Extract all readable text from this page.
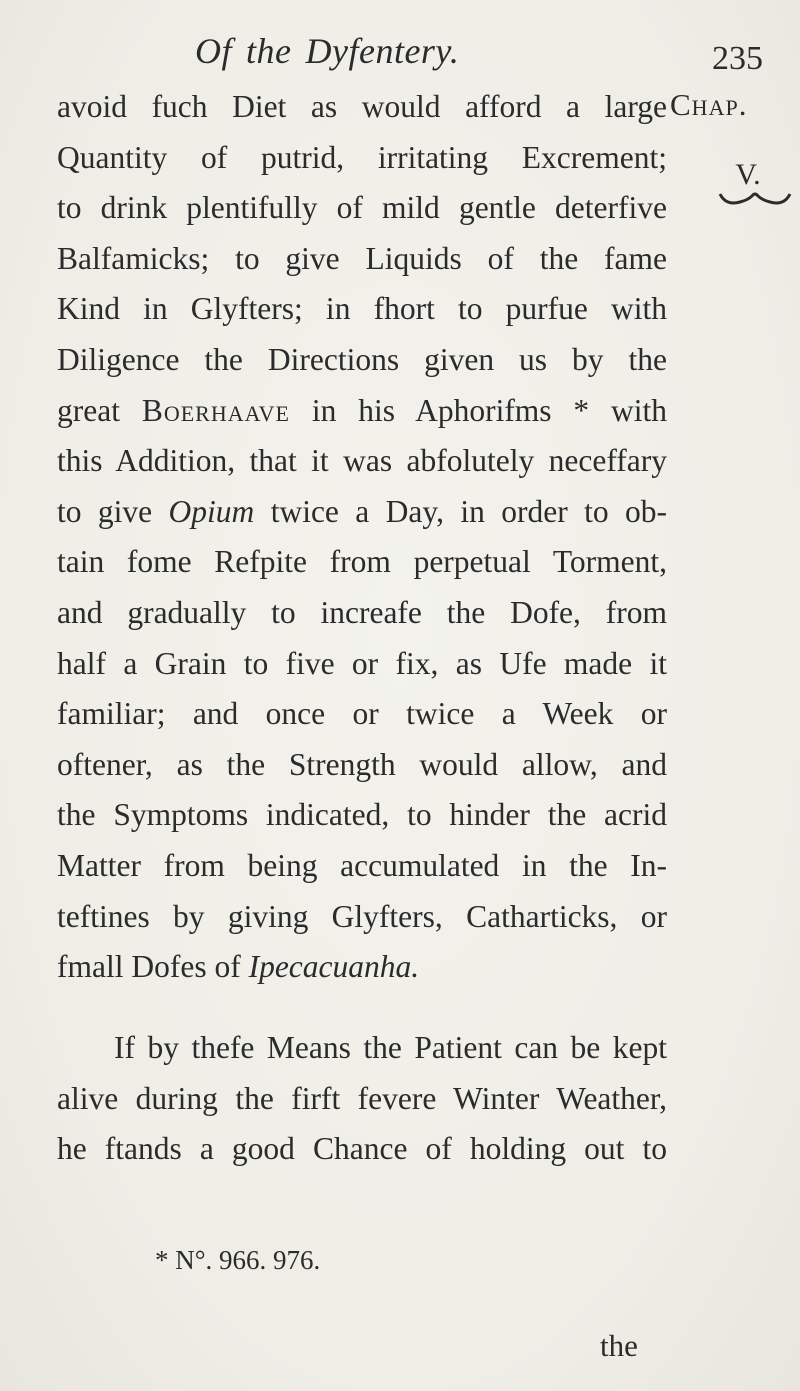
Of the Dyfentery.	235
Chap.
V.
avoid fuch Diet as would afford a large
Quantity of putrid, irritating Excrement;
to drink plentifully of mild gentle deterfive
Balfamicks; to give Liquids of the fame
Kind in Glyfters; in fhort to purfue with
Diligence the Directions given us by the
great Boerhaave in his Aphorifms * with
this Addition, that it was abfolutely neceffary
to give Opium twice a Day, in order to ob-
tain fome Refpite from perpetual Torment,
and gradually to increafe the Dofe, from
half a Grain to five or fix, as Ufe made it
familiar; and once or twice a Week or
oftener, as the Strength would allow, and
the Symptoms indicated, to hinder the acrid
Matter from being accumulated in the In-
teftines by giving Glyfters, Catharticks, or
fmall Dofes of Ipecacuanha.
If by thefe Means the Patient can be kept
alive during the firft fevere Winter Weather,
he ftands a good Chance of holding out to
* N°. 966. 976.
the
